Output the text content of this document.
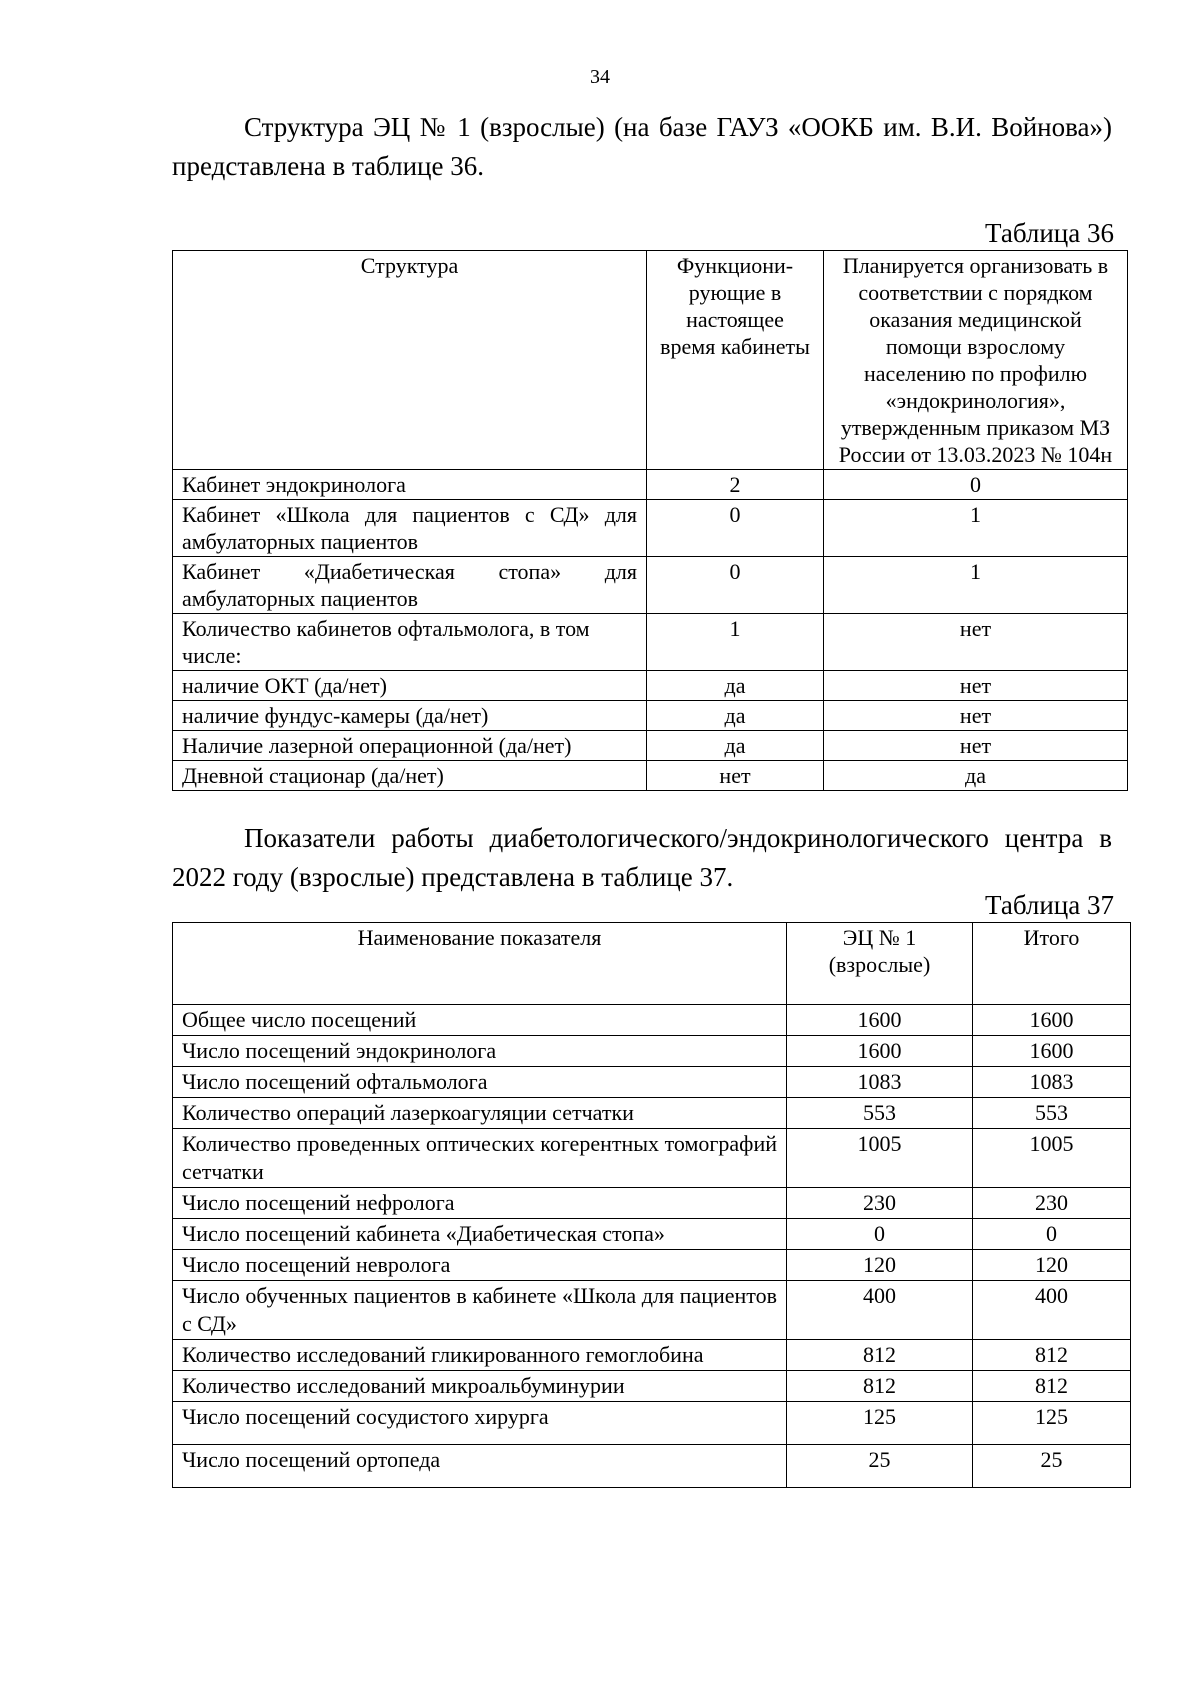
34

Структура ЭЦ № 1 (взрослые) (на базе ГАУЗ «ООКБ им. В.И. Войнова») представлена в таблице 36.

Таблица 36
Структура	Функциони-рующие в настоящее время кабинеты	Планируется организовать в соответствии с порядком оказания медицинской помощи взрослому населению по профилю «эндокринология», утвержденным приказом МЗ России от 13.03.2023 № 104н
Кабинет эндокринолога	2	0
Кабинет «Школа для пациентов с СД» для амбулаторных пациентов	0	1
Кабинет «Диабетическая стопа» для амбулаторных пациентов	0	1
Количество кабинетов офтальмолога, в том числе:	1	нет
наличие ОКТ (да/нет)	да	нет
наличие фундус-камеры (да/нет)	да	нет
Наличие лазерной операционной (да/нет)	да	нет
Дневной стационар (да/нет)	нет	да

Показатели работы диабетологического/эндокринологического центра в 2022 году (взрослые) представлена в таблице 37.

Таблица 37
Наименование показателя	ЭЦ № 1 (взрослые)	Итого
Общее число посещений	1600	1600
Число посещений эндокринолога	1600	1600
Число посещений офтальмолога	1083	1083
Количество операций лазеркоагуляции сетчатки	553	553
Количество проведенных оптических когерентных томографий сетчатки	1005	1005
Число посещений нефролога	230	230
Число посещений кабинета «Диабетическая стопа»	0	0
Число посещений невролога	120	120
Число обученных пациентов в кабинете «Школа для пациентов с СД»	400	400
Количество исследований гликированного гемоглобина	812	812
Количество исследований микроальбуминурии	812	812
Число посещений сосудистого хирурга	125	125
Число посещений ортопеда	25	25
